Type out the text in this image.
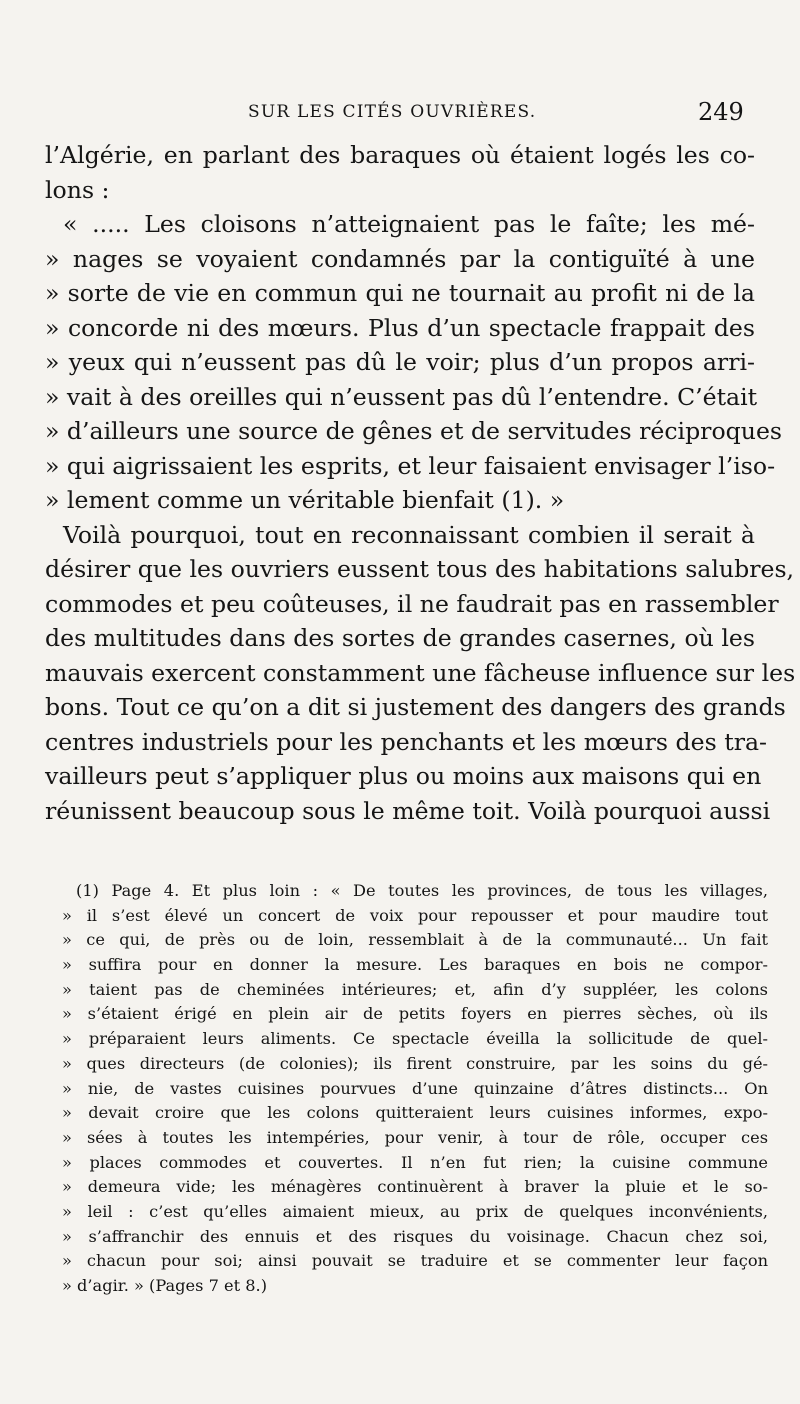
SUR LES CITÉS OUVRIÈRES.	249
l’Algérie, en parlant des baraques où étaient logés les co-
lons :
« ..... Les cloisons n’atteignaient pas le faîte; les mé-
» nages se voyaient condamnés par la contiguïté à une
» sorte de vie en commun qui ne tournait au profit ni de la
» concorde ni des mœurs. Plus d’un spectacle frappait des
» yeux qui n’eussent pas dû le voir; plus d’un propos arri-
» vait à des oreilles qui n’eussent pas dû l’entendre. C’était
» d’ailleurs une source de gênes et de servitudes réciproques
» qui aigrissaient les esprits, et leur faisaient envisager l’iso-
» lement comme un véritable bienfait (1). »
Voilà pourquoi, tout en reconnaissant combien il serait à
désirer que les ouvriers eussent tous des habitations salubres,
commodes et peu coûteuses, il ne faudrait pas en rassembler
des multitudes dans des sortes de grandes casernes, où les
mauvais exercent constamment une fâcheuse influence sur les
bons. Tout ce qu’on a dit si justement des dangers des grands
centres industriels pour les penchants et les mœurs des tra-
vailleurs peut s’appliquer plus ou moins aux maisons qui en
réunissent beaucoup sous le même toit. Voilà pourquoi aussi
(1) Page 4. Et plus loin : « De toutes les provinces, de tous les villages,
» il s’est élevé un concert de voix pour repousser et pour maudire tout
» ce qui, de près ou de loin, ressemblait à de la communauté... Un fait
» suffira pour en donner la mesure. Les baraques en bois ne compor-
» taient pas de cheminées intérieures; et, afin d’y suppléer, les colons
» s’étaient érigé en plein air de petits foyers en pierres sèches, où ils
» préparaient leurs aliments. Ce spectacle éveilla la sollicitude de quel-
» ques directeurs (de colonies); ils firent construire, par les soins du gé-
» nie, de vastes cuisines pourvues d’une quinzaine d’âtres distincts... On
» devait croire que les colons quitteraient leurs cuisines informes, expo-
» sées à toutes les intempéries, pour venir, à tour de rôle, occuper ces
» places commodes et couvertes. Il n’en fut rien; la cuisine commune
» demeura vide; les ménagères continuèrent à braver la pluie et le so-
» leil : c’est qu’elles aimaient mieux, au prix de quelques inconvénients,
» s’affranchir des ennuis et des risques du voisinage. Chacun chez soi,
» chacun pour soi; ainsi pouvait se traduire et se commenter leur façon
» d’agir. » (Pages 7 et 8.)
